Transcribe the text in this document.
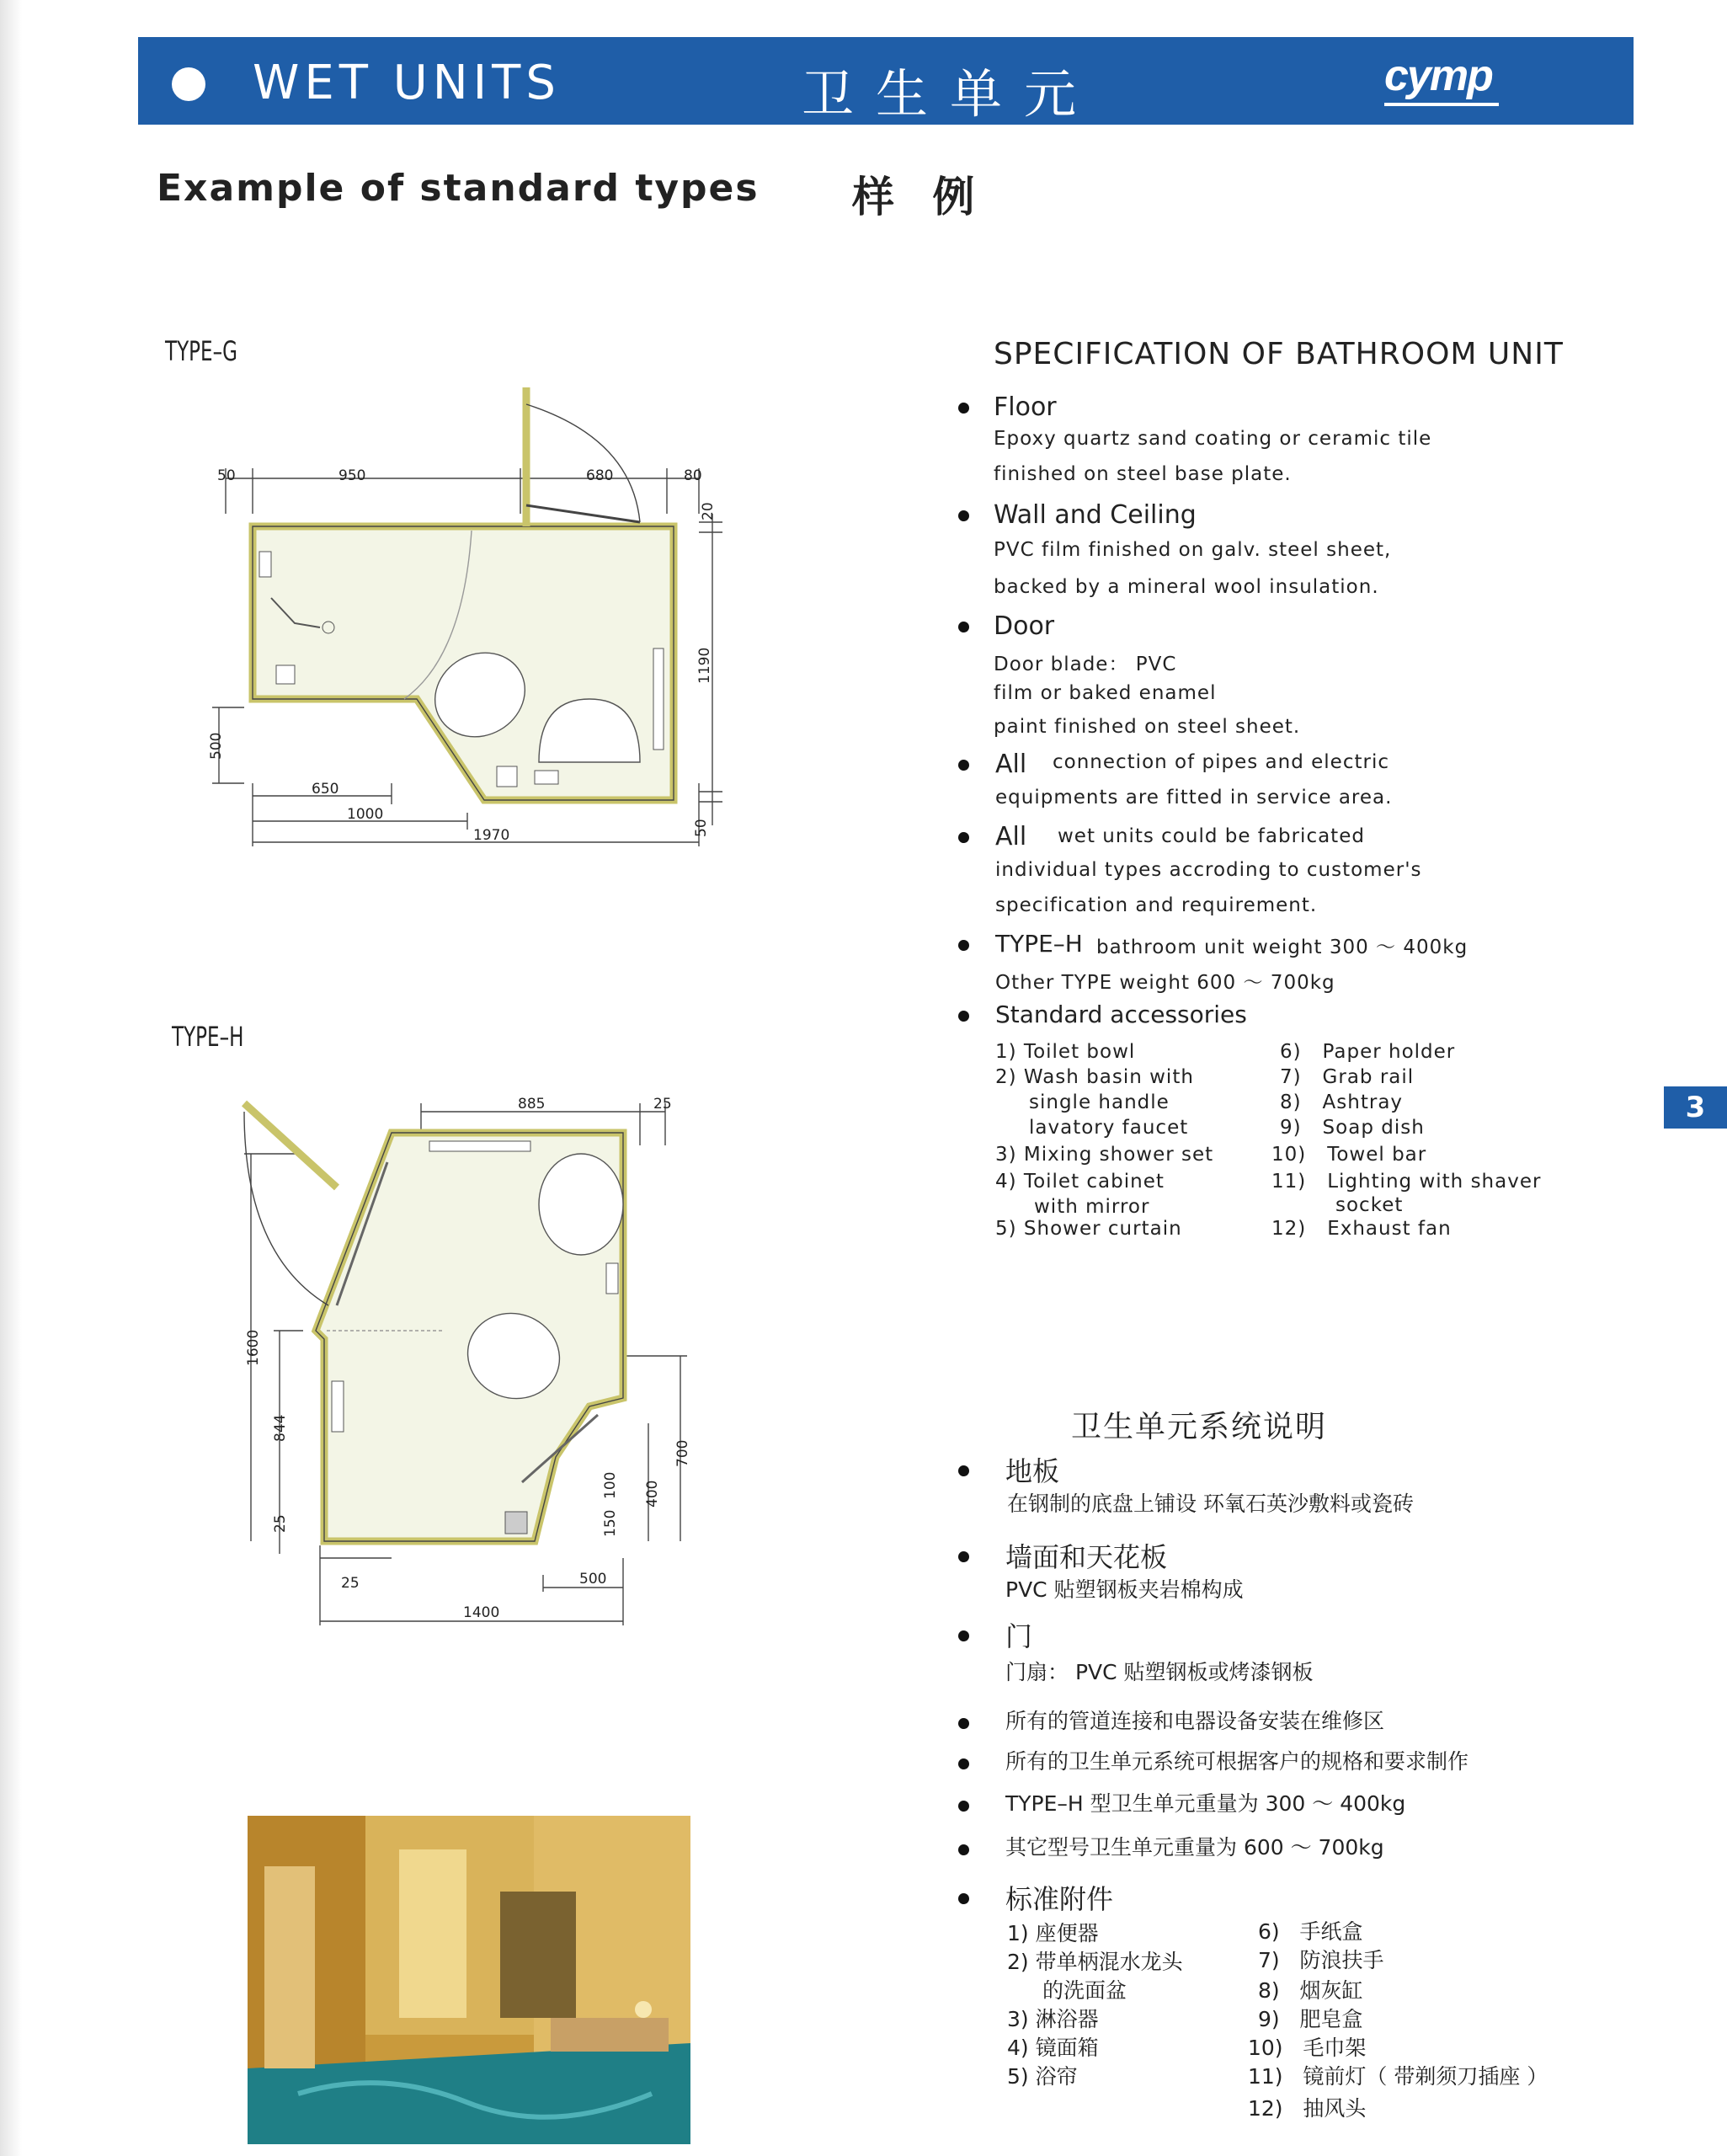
WET UNITS	卫生单元	cymp
Example of standard types 样 例
TYPE–G
50	950	680	80
20
1190
500
650
1000
1970	50
TYPE–H
885	25
1600
844
700
400
150
100
25
25
1400
500
SPECIFICATION OF BATHROOM UNIT
Floor
Epoxy quartz sand coating or ceramic tile
finished on steel base plate.
Wall and Ceiling
PVC film finished on galv. steel sheet,
backed by a mineral wool insulation.
Door
Door blade： PVC
film or baked enamel
paint finished on steel sheet.
All connection of pipes and electric
equipments are fitted in service area.
All wet units could be fabricated
individual types accroding to customer's
specification and requirement.
TYPE–H bathroom unit weight 300 ～ 400kg
Other TYPE weight 600 ～ 700kg
Standard accessories
1) Toilet bowl
2) Wash basin with
single handle
lavatory faucet
3) Mixing shower set
4) Toilet cabinet
with mirror
5) Shower curtain
6) Paper holder
7) Grab rail
8) Ashtray
9) Soap dish
10) Towel bar
11) Lighting with shaver
socket
12) Exhaust fan
3
卫生单元系统说明
地板
在钢制的底盘上铺设 环氧石英沙敷料或瓷砖
墙面和天花板
PVC 贴塑钢板夹岩棉构成
门
门扇： PVC 贴塑钢板或烤漆钢板
所有的管道连接和电器设备安装在维修区
所有的卫生单元系统可根据客户的规格和要求制作
TYPE–H 型卫生单元重量为 300 ～ 400kg
其它型号卫生单元重量为 600 ～ 700kg
标准附件
1) 座便器
2) 带单柄混水龙头
的洗面盆
3) 淋浴器
4) 镜面箱
5) 浴帘
6) 手纸盒
7) 防浪扶手
8) 烟灰缸
9) 肥皂盒
10) 毛巾架
11) 镜前灯（ 带剃须刀插座 ）
12) 抽风头
